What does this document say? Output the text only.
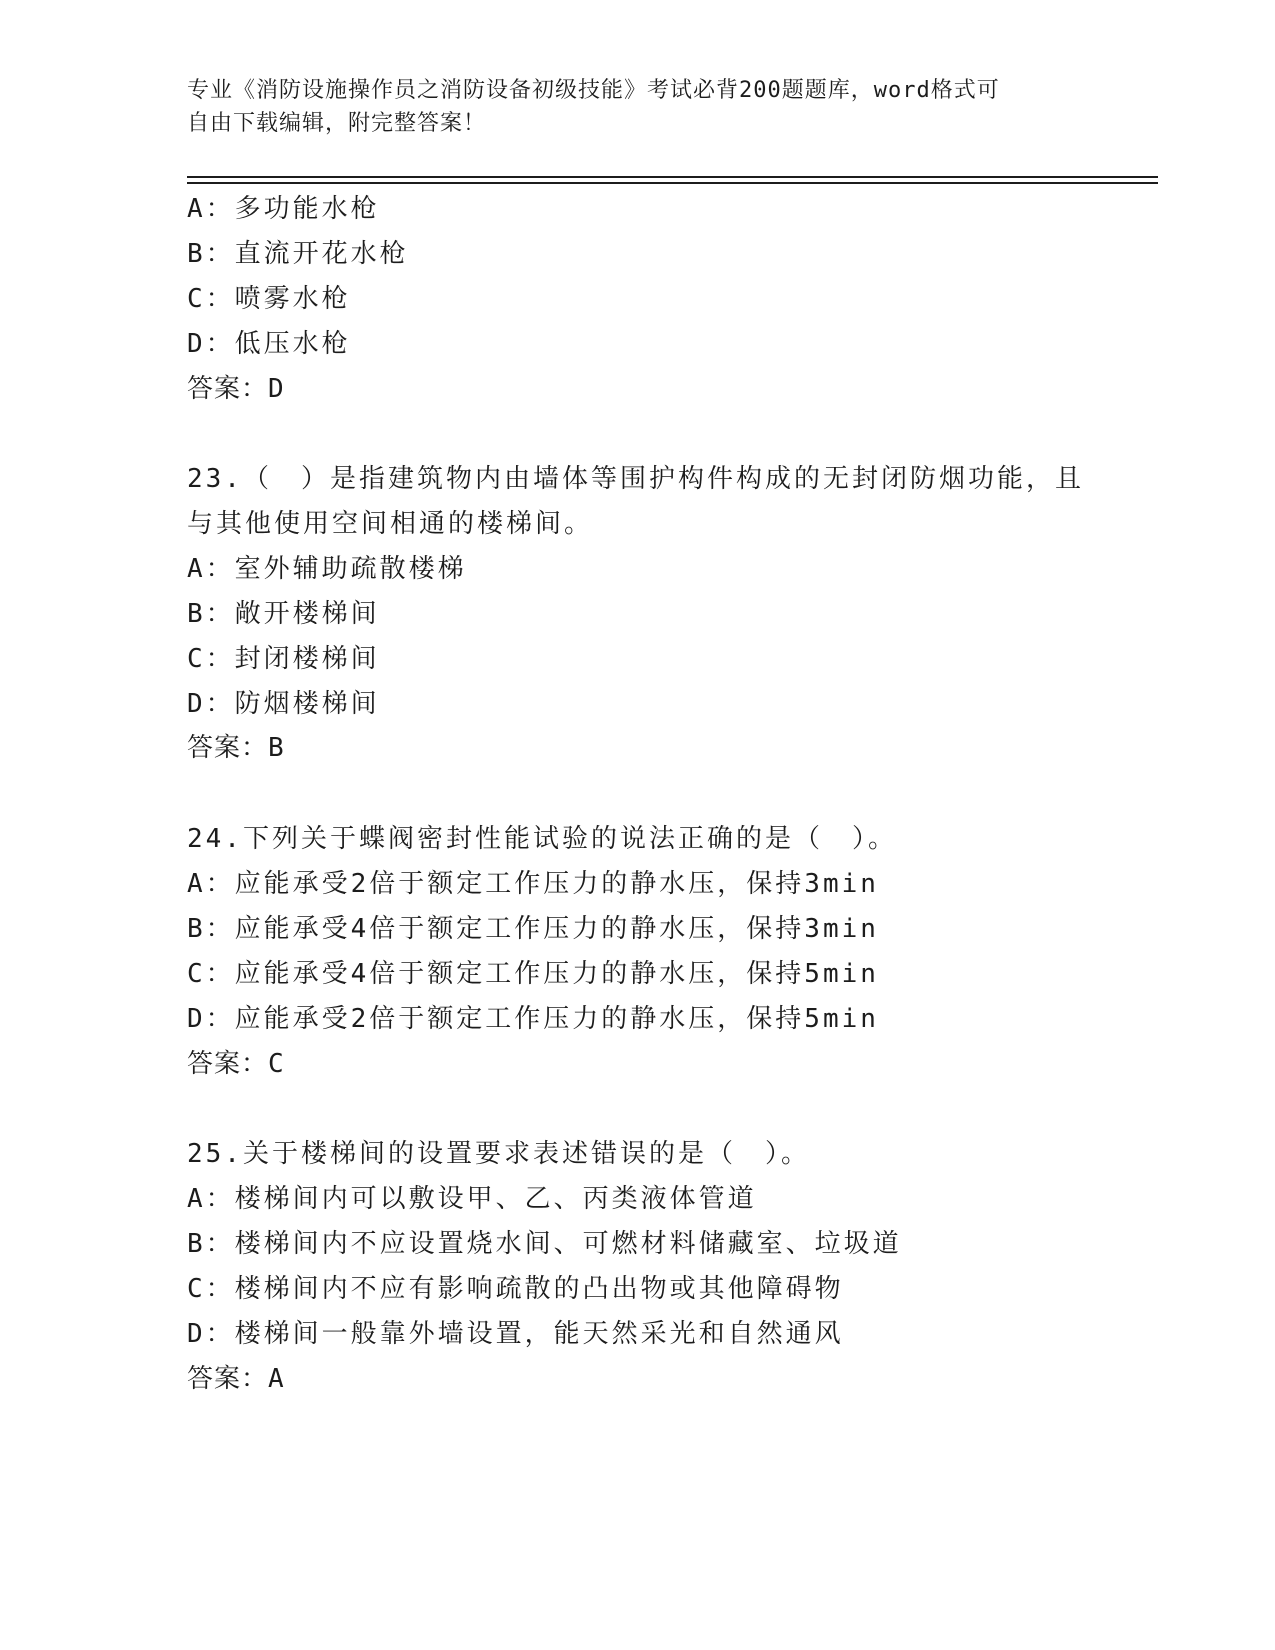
专业《消防设施操作员之消防设备初级技能》考试必背200题题库，word格式可
自由下载编辑，附完整答案！
A：多功能水枪
B：直流开花水枪
C：喷雾水枪
D：低压水枪
答案：D
23.（　）是指建筑物内由墙体等围护构件构成的无封闭防烟功能，且
与其他使用空间相通的楼梯间。
A：室外辅助疏散楼梯
B：敞开楼梯间
C：封闭楼梯间
D：防烟楼梯间
答案：B
24.下列关于蝶阀密封性能试验的说法正确的是（　）。
A：应能承受2倍于额定工作压力的静水压，保持3min
B：应能承受4倍于额定工作压力的静水压，保持3min
C：应能承受4倍于额定工作压力的静水压，保持5min
D：应能承受2倍于额定工作压力的静水压，保持5min
答案：C
25.关于楼梯间的设置要求表述错误的是（　）。
A：楼梯间内可以敷设甲、乙、丙类液体管道
B：楼梯间内不应设置烧水间、可燃材料储藏室、垃圾道
C：楼梯间内不应有影响疏散的凸出物或其他障碍物
D：楼梯间一般靠外墙设置，能天然采光和自然通风
答案：A
